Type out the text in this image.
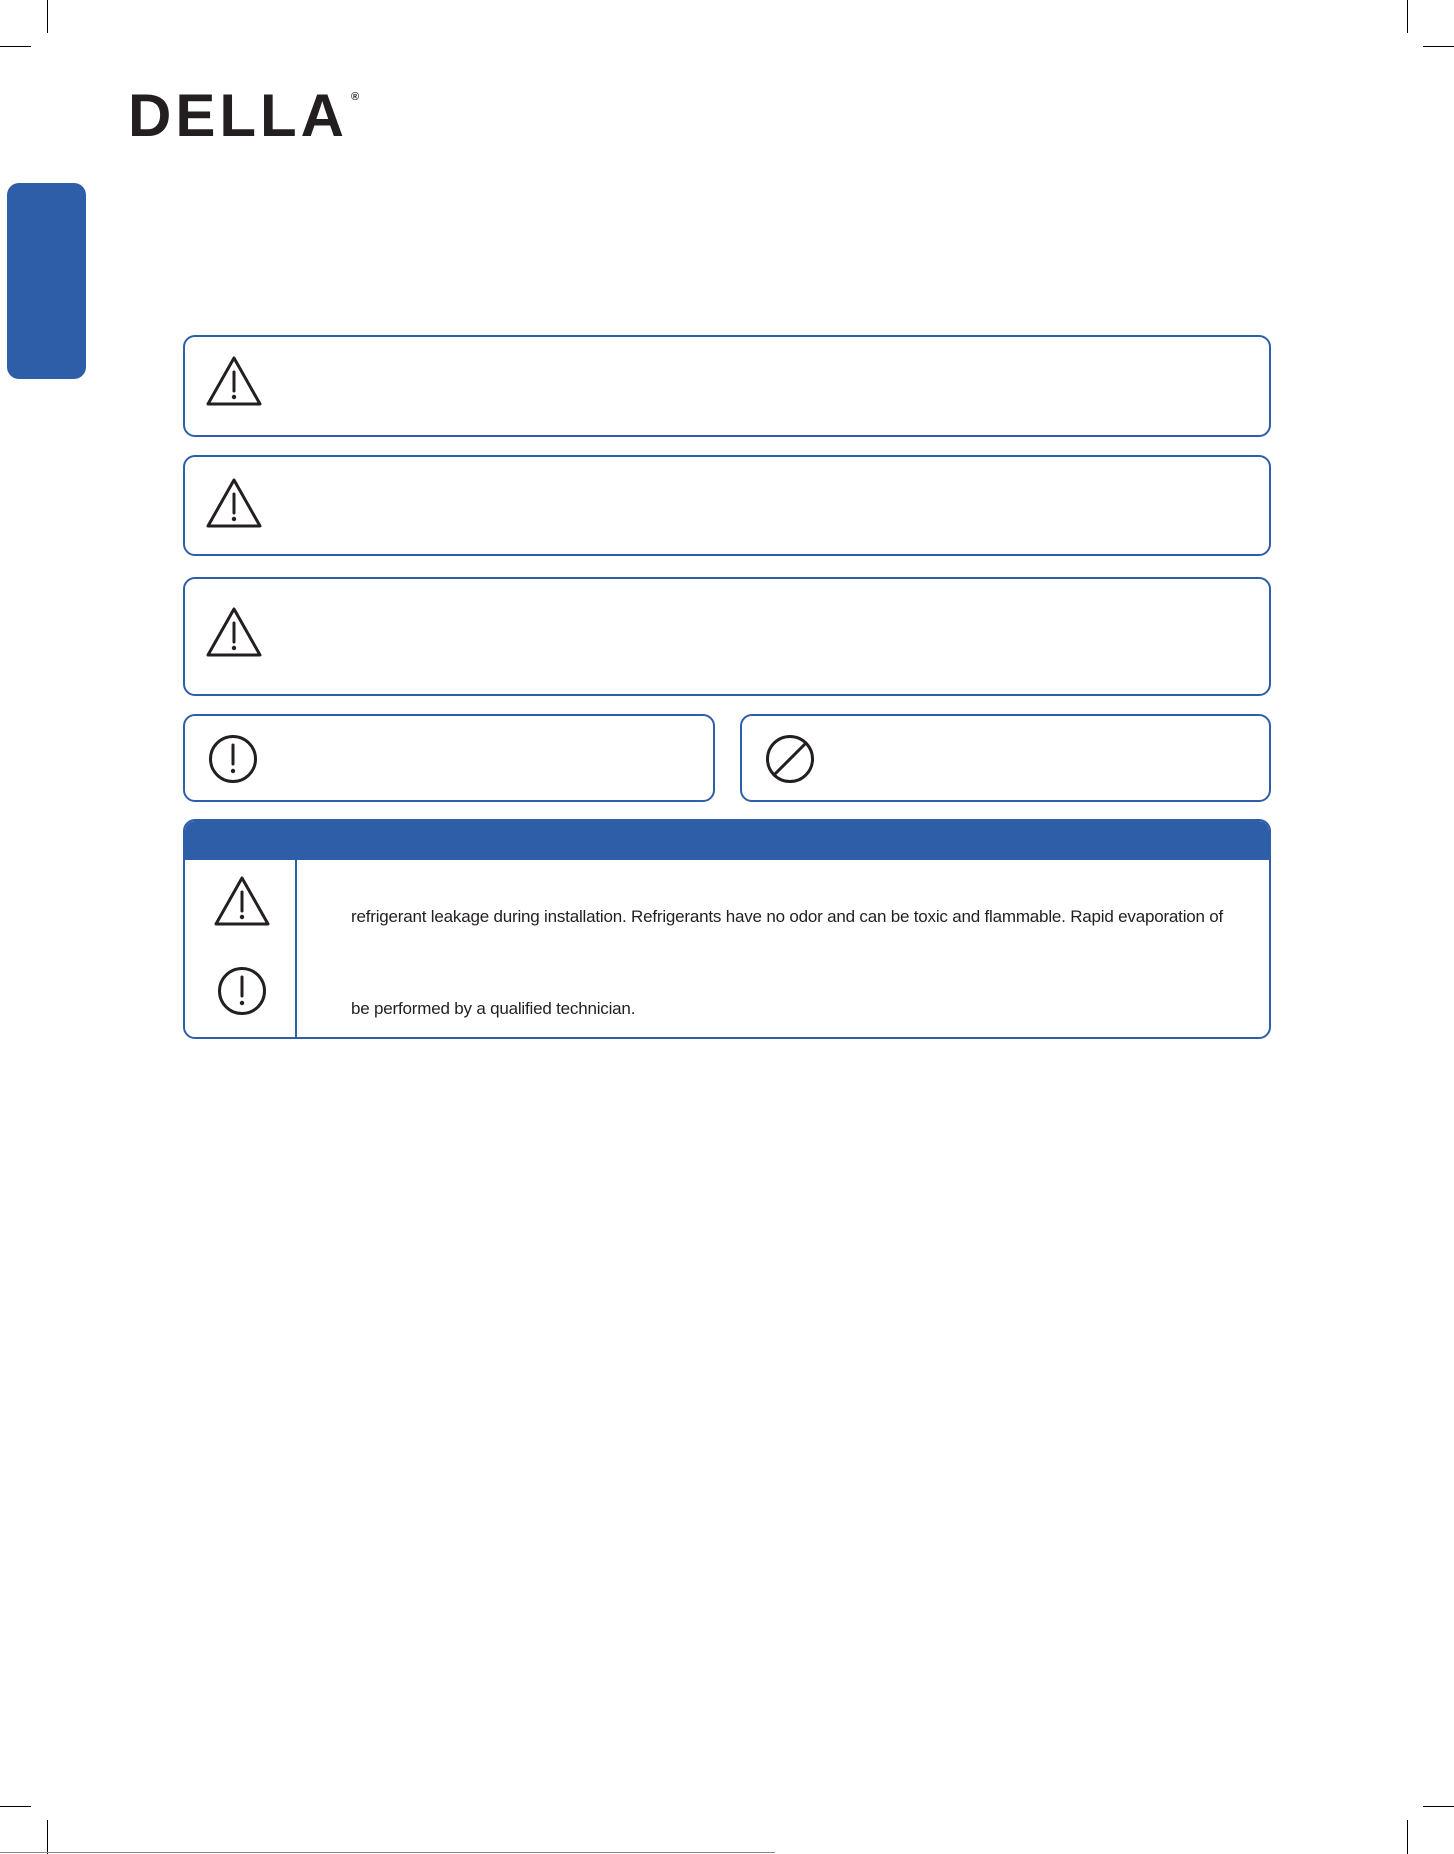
DELLA ®
refrigerant leakage during installation. Refrigerants have no odor and can be toxic and flammable. Rapid evaporation of
be performed by a qualified technician.
